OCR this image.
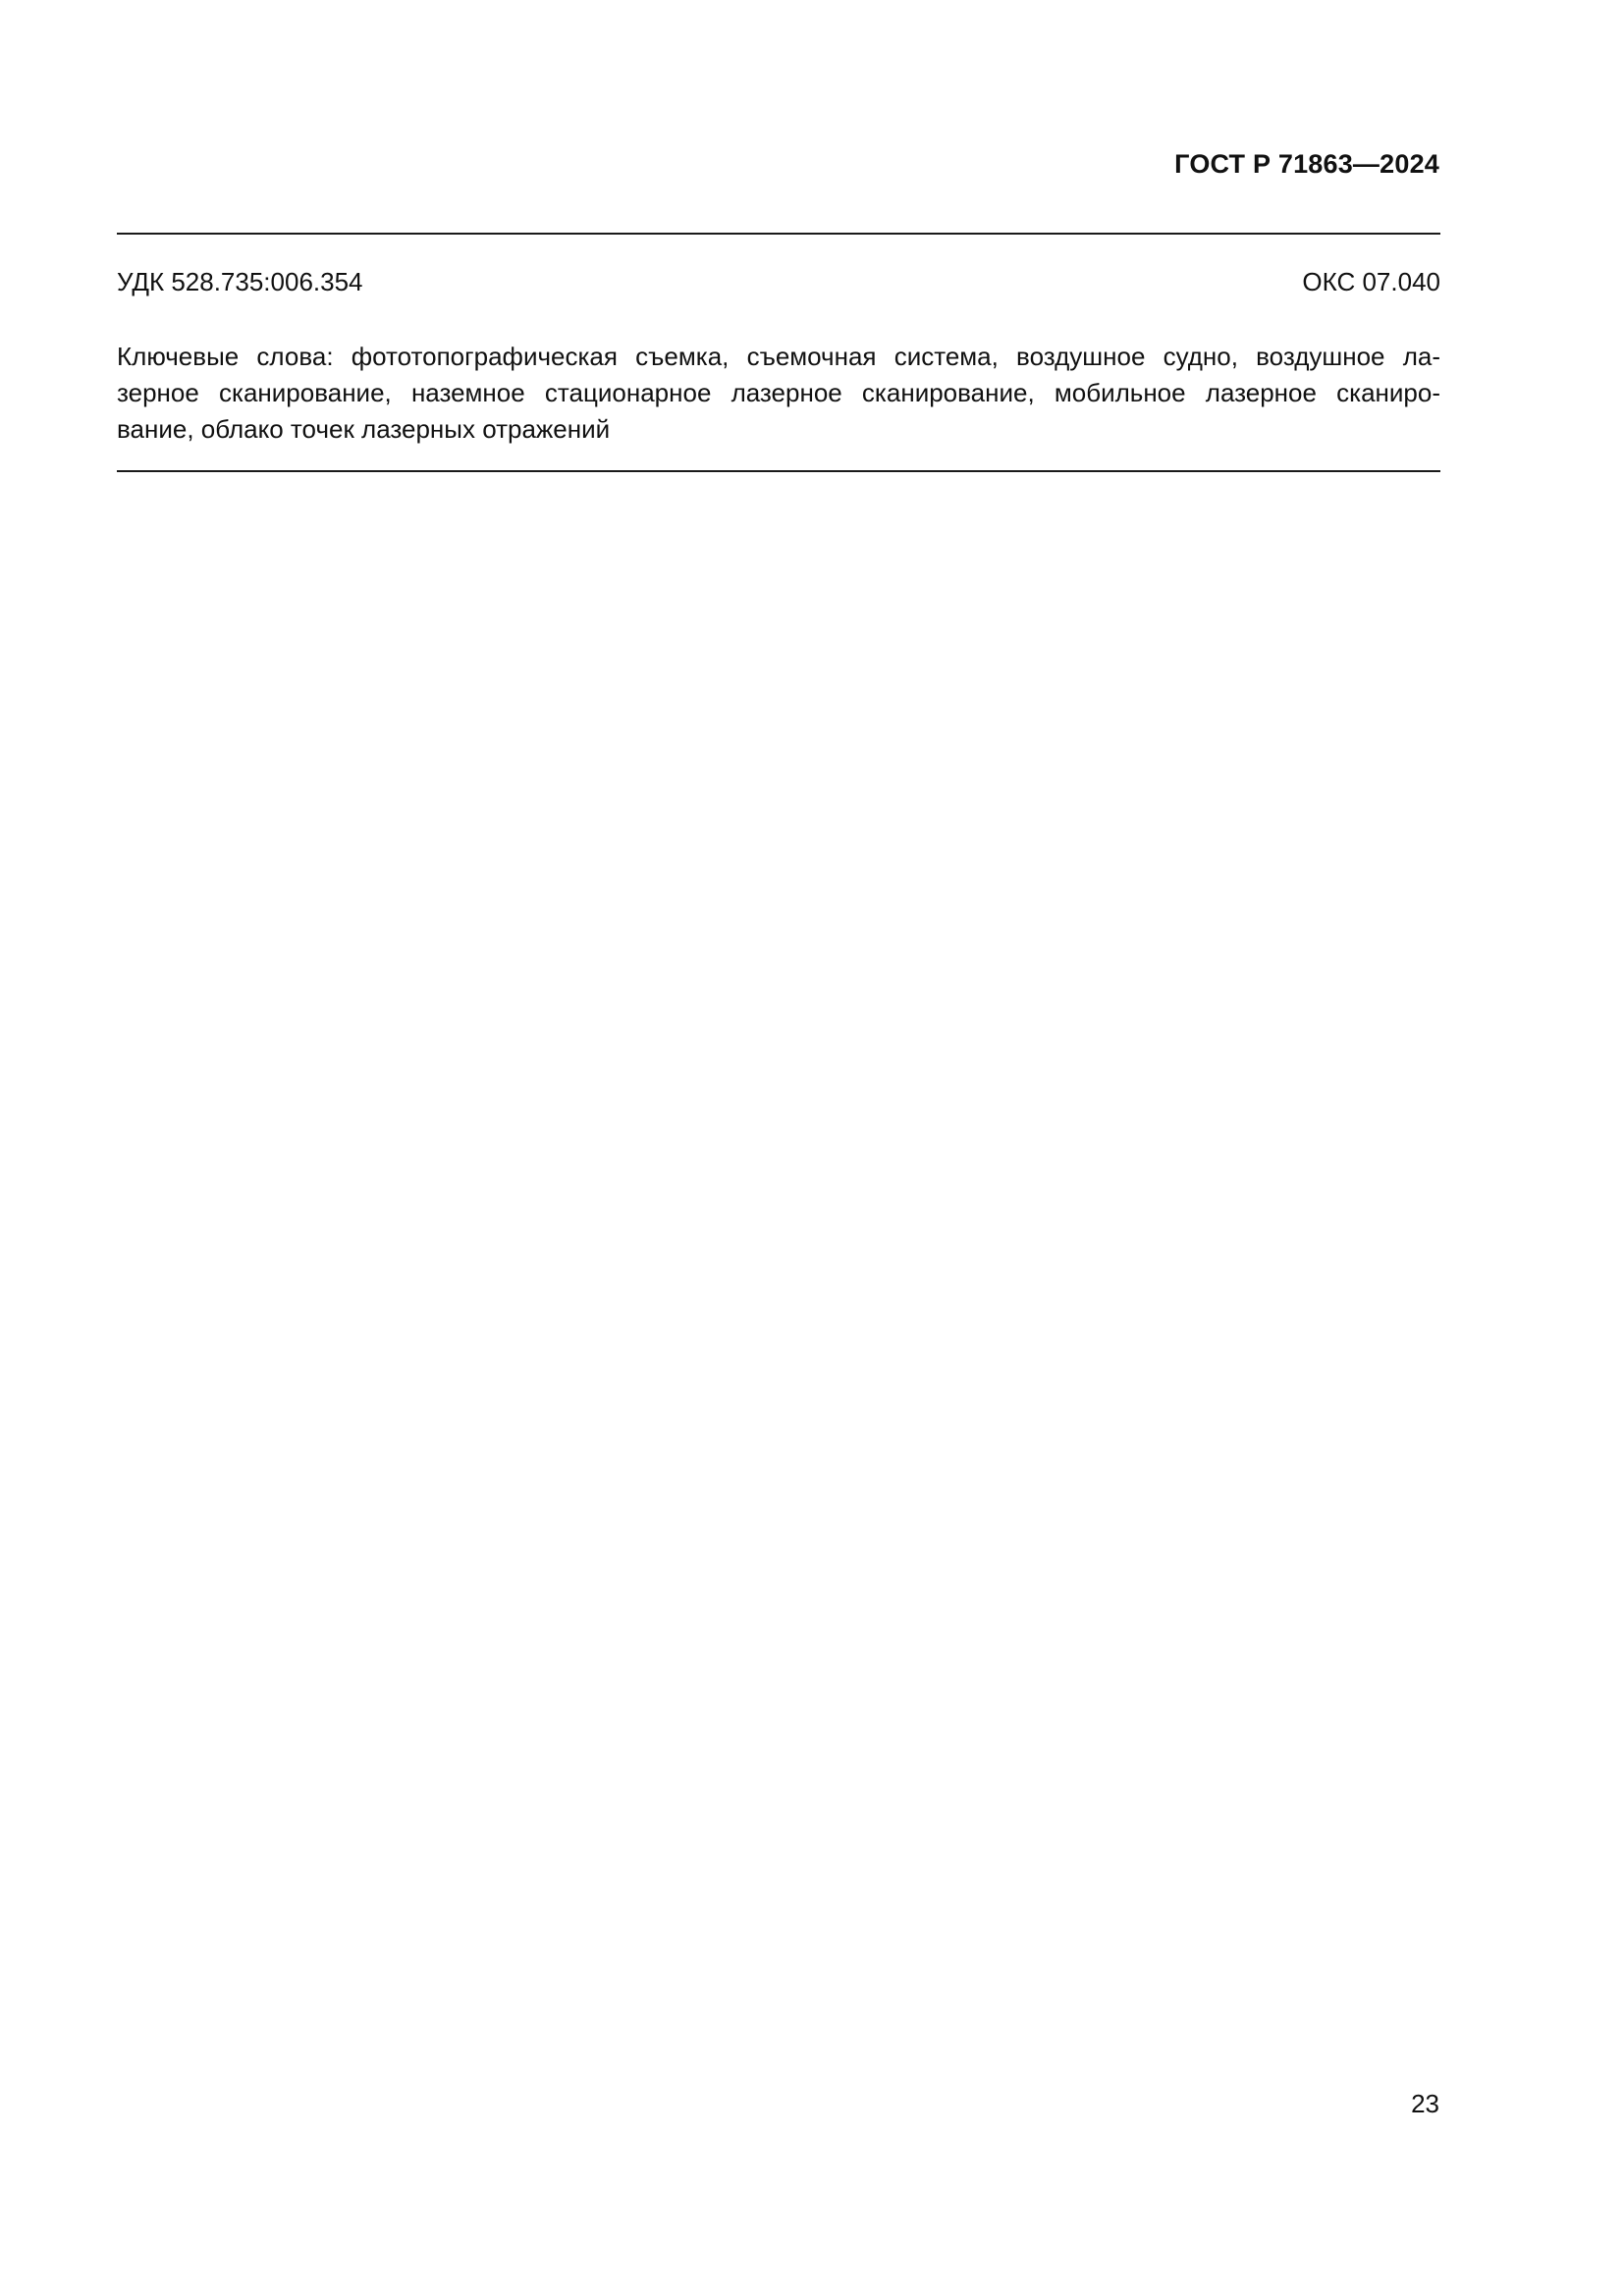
ГОСТ Р 71863—2024
УДК 528.735:006.354	ОКС 07.040
Ключевые слова: фототопографическая съемка, съемочная система, воздушное судно, воздушное ла-
зерное сканирование, наземное стационарное лазерное сканирование, мобильное лазерное сканиро-
вание, облако точек лазерных отражений
23
